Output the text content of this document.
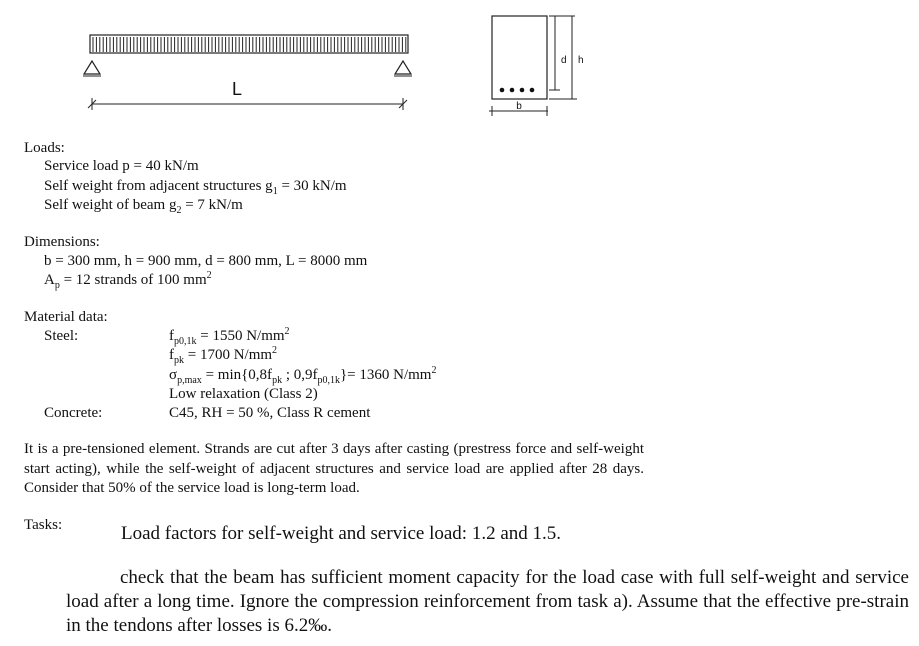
L
d h
b
Loads:
Service load p = 40 kN/m
Self weight from adjacent structures $g_1 = 30$ kN/m
Self weight of beam $g_2 = 7$ kN/m
Dimensions:
b = 300 mm, h = 900 mm, d = 800 mm, L = 8000 mm
$A_p = 12$ strands of 100 $mm^2$
Material data:
Steel:	$f_{p0,1k} = 1550$ $N/mm^2$
$f_{pk} = 1700$ $N/mm^2$
$\sigma_{p,max} = \min\{0,8f_{pk}$ ; $0,9f_{p0,1k}\}= 1360$ $N/mm^2$
Low relaxation (Class 2)
Concrete:	C45, RH = 50 %, Class R cement
It is a pre-tensioned element. Strands are cut after 3 days after casting (prestress force and self-weight start acting), while the self-weight of adjacent structures and service load are applied after 28 days. Consider that 50% of the service load is long-term load.
Tasks:	Load factors for self-weight and service load: 1.2 and 1.5.
check that the beam has sufficient moment capacity for the load case with full self-weight and service load after a long time. Ignore the compression reinforcement from task a). Assume that the effective pre-strain in the tendons after losses is 6.2‰.
